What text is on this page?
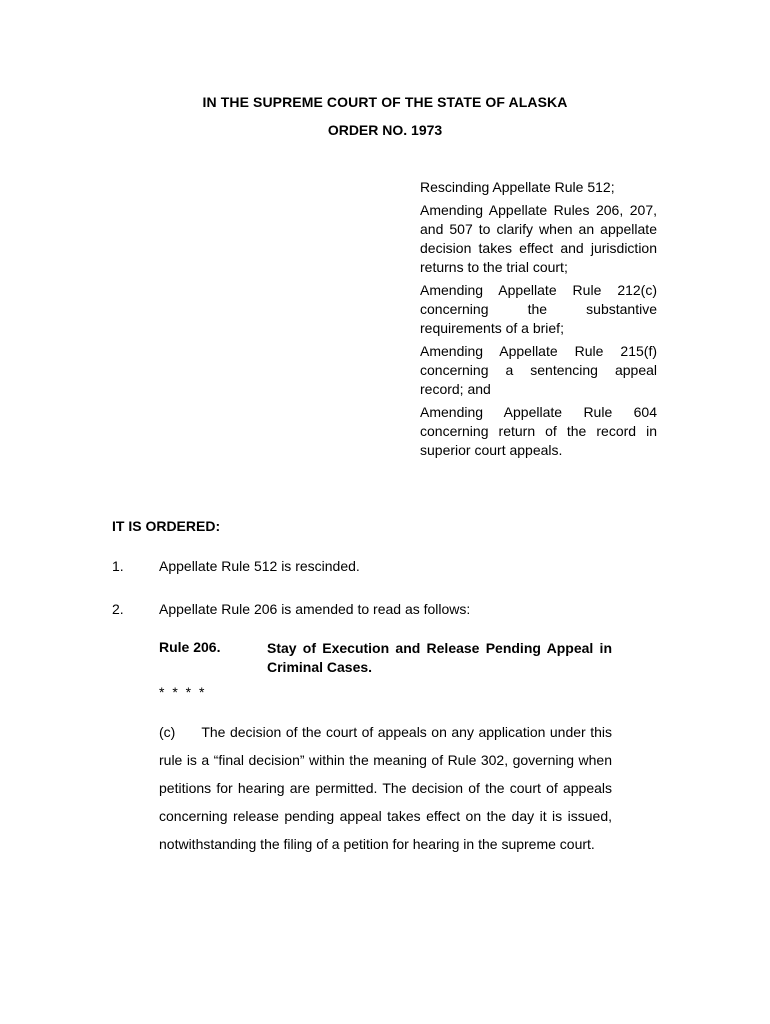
IN THE SUPREME COURT OF THE STATE OF ALASKA
ORDER NO. 1973

Rescinding Appellate Rule 512;

Amending Appellate Rules 206, 207, and 507 to clarify when an appellate decision takes effect and jurisdiction returns to the trial court;

Amending Appellate Rule 212(c) concerning the substantive requirements of a brief;

Amending Appellate Rule 215(f) concerning a sentencing appeal record; and

Amending Appellate Rule 604 concerning return of the record in superior court appeals.

IT IS ORDERED:
1.	Appellate Rule 512 is rescinded.
2.	Appellate Rule 206 is amended to read as follows:
Rule 206.	Stay of Execution and Release Pending Appeal in Criminal Cases.
* * * *
(c) The decision of the court of appeals on any application under this rule is a “final decision” within the meaning of Rule 302, governing when petitions for hearing are permitted. The decision of the court of appeals concerning release pending appeal takes effect on the day it is issued, notwithstanding the filing of a petition for hearing in the supreme court.
